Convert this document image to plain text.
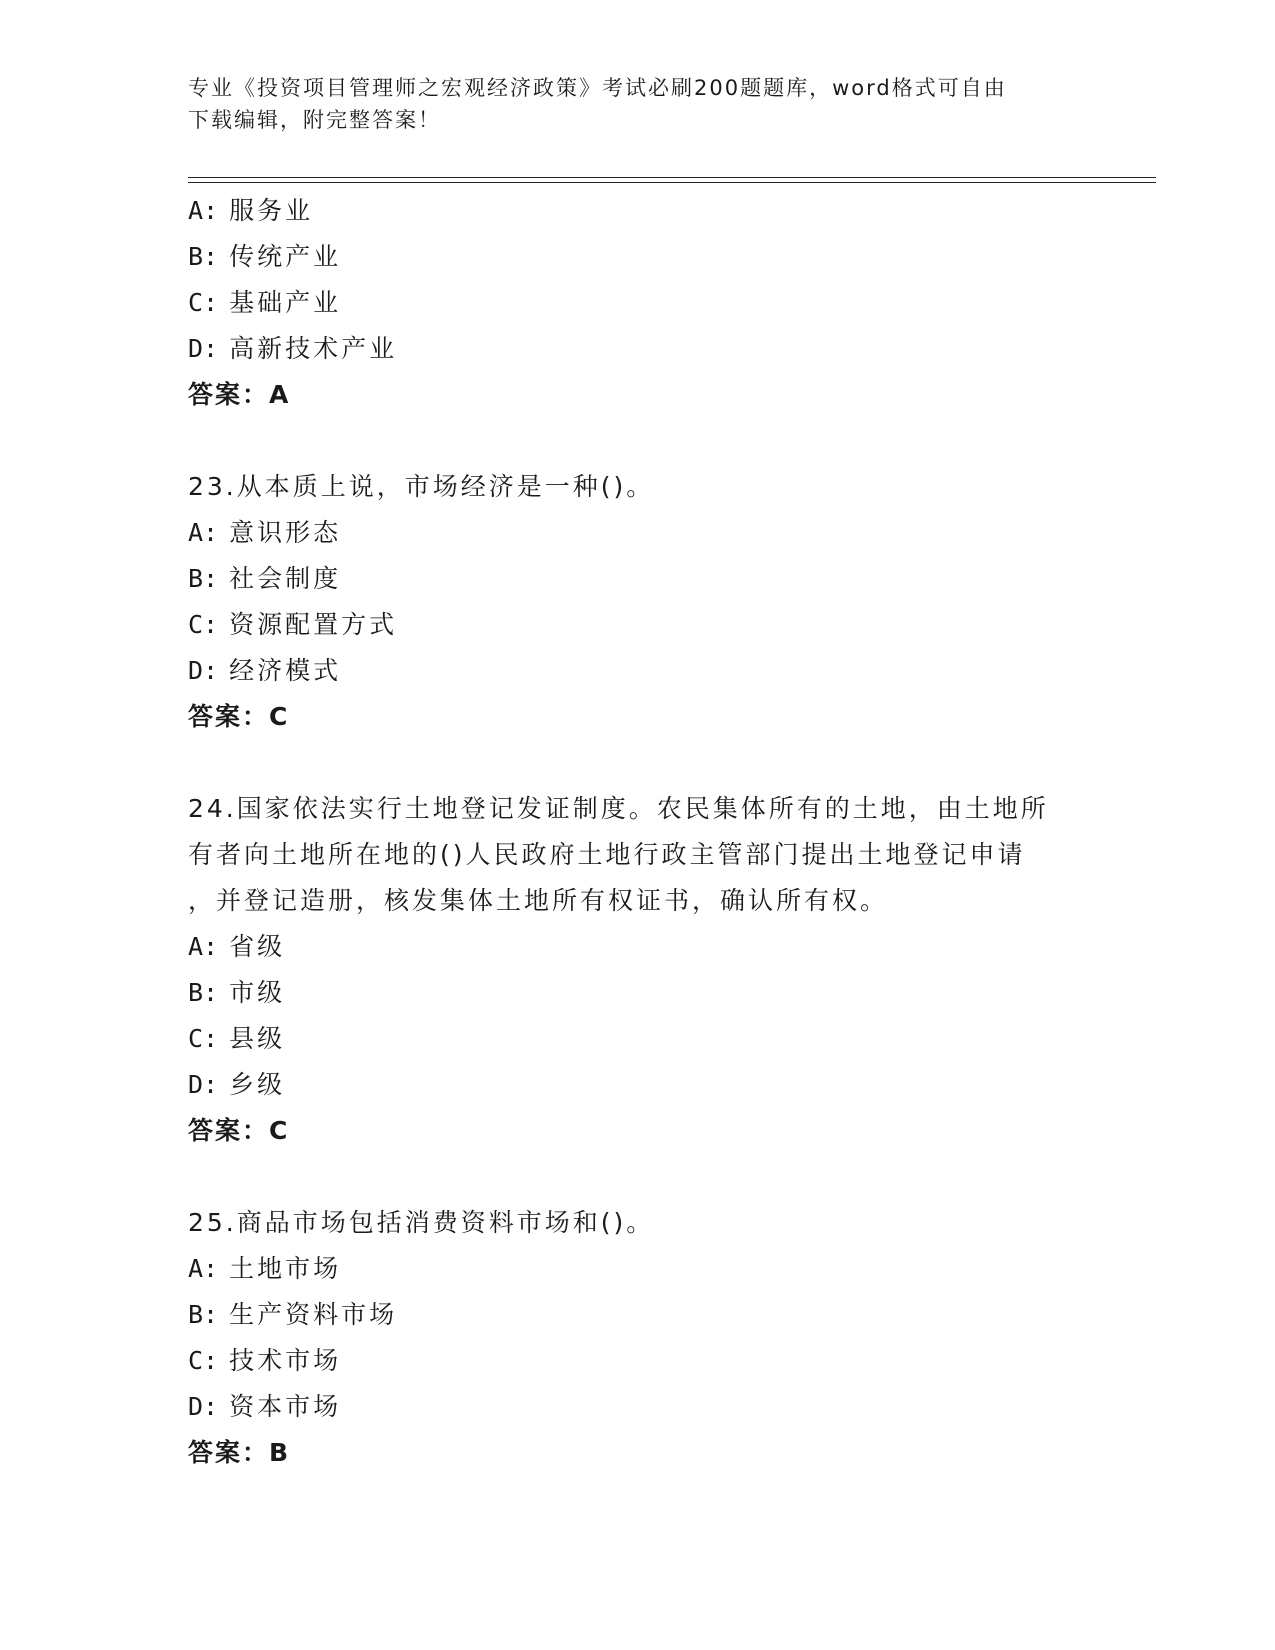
专业《投资项目管理师之宏观经济政策》考试必刷200题题库，word格式可自由
下载编辑，附完整答案！
A: 服务业
B: 传统产业
C: 基础产业
D: 高新技术产业
答案：A
23.从本质上说，市场经济是一种()。
A: 意识形态
B: 社会制度
C: 资源配置方式
D: 经济模式
答案：C
24.国家依法实行土地登记发证制度。农民集体所有的土地，由土地所
有者向土地所在地的()人民政府土地行政主管部门提出土地登记申请
，并登记造册，核发集体土地所有权证书，确认所有权。
A: 省级
B: 市级
C: 县级
D: 乡级
答案：C
25.商品市场包括消费资料市场和()。
A: 土地市场
B: 生产资料市场
C: 技术市场
D: 资本市场
答案：B
